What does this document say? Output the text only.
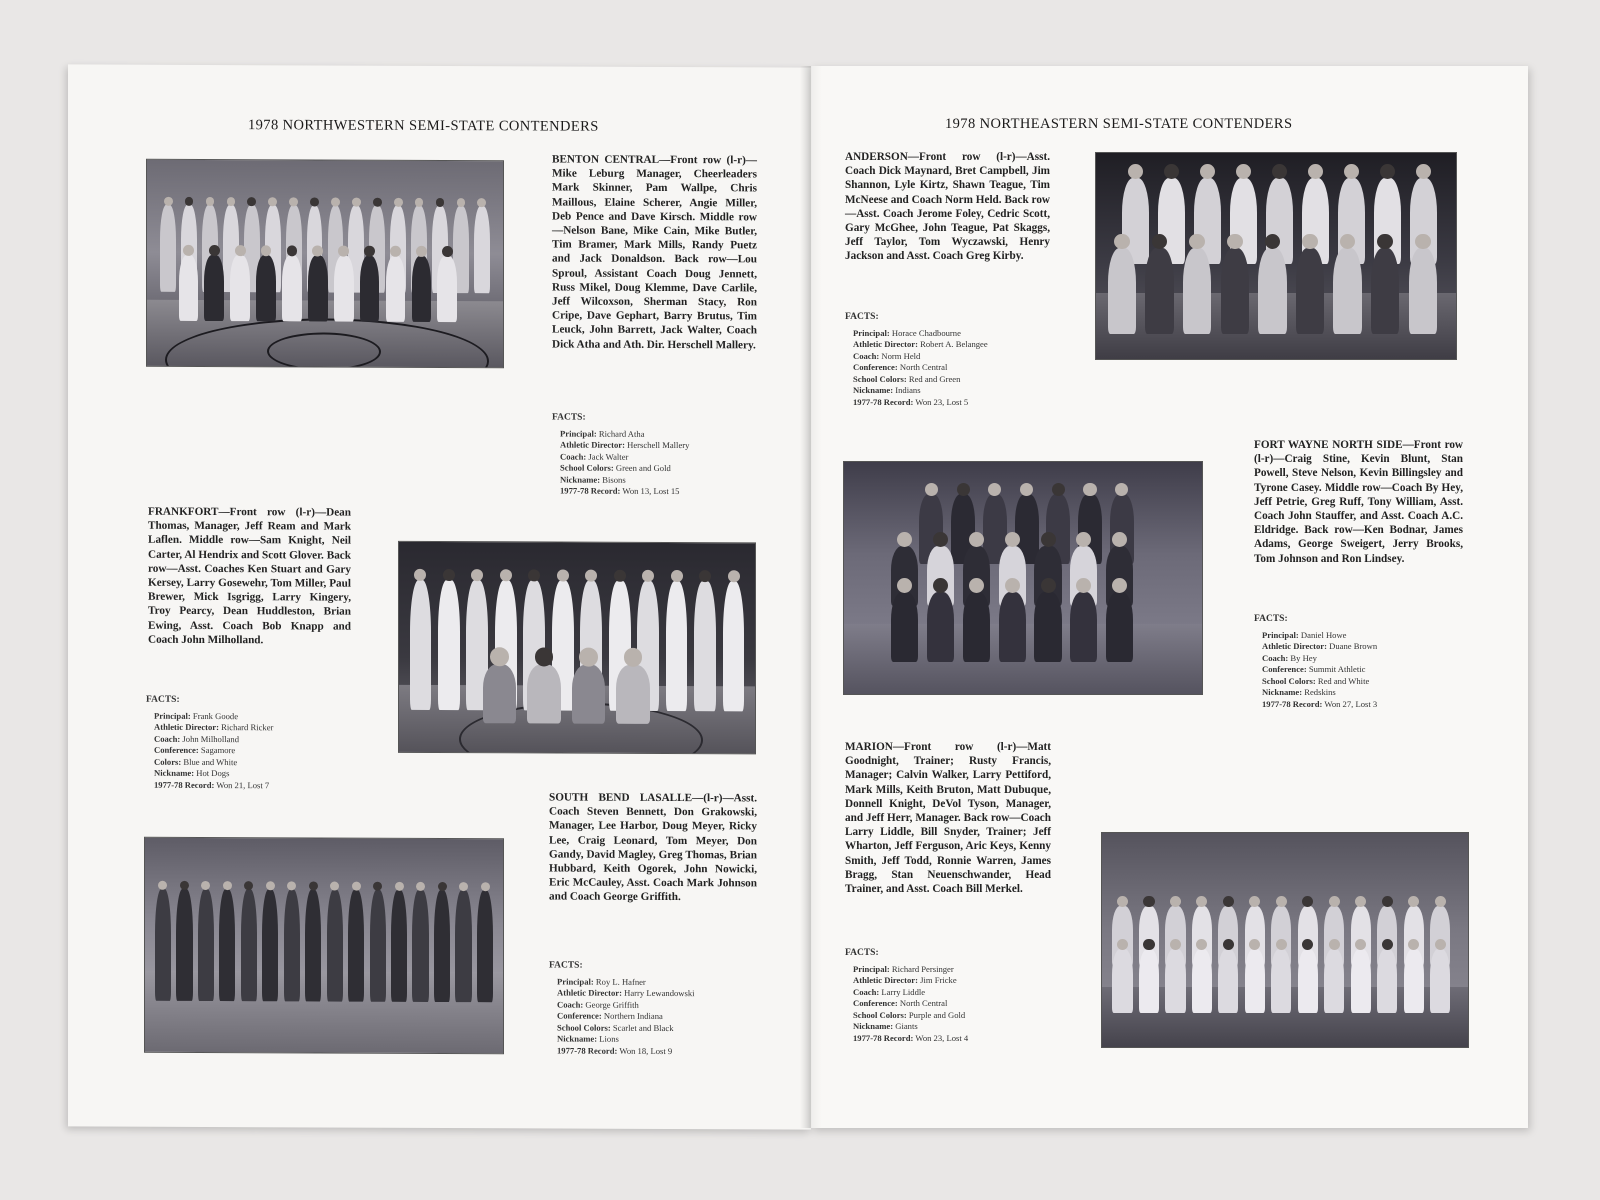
1978 NORTHWESTERN SEMI-STATE CONTENDERS
BENTON CENTRAL—Front row (l-r)—Mike Leburg Manager, Cheerleaders Mark Skinner, Pam Wallpe, Chris Maillous, Elaine Scherer, Angie Miller, Deb Pence and Dave Kirsch. Middle row—Nelson Bane, Mike Cain, Mike Butler, Tim Bramer, Mark Mills, Randy Puetz and Jack Donaldson. Back row—Lou Sproul, Assistant Coach Doug Jennett, Russ Mikel, Doug Klemme, Dave Carlile, Jeff Wilcoxson, Sherman Stacy, Ron Cripe, Dave Gephart, Barry Brutus, Tim Leuck, John Barrett, Jack Walter, Coach Dick Atha and Ath. Dir. Herschell Mallery.
FACTS:
Principal: Richard Atha
Athletic Director: Herschell Mallery
Coach: Jack Walter
School Colors: Green and Gold
Nickname: Bisons
1977-78 Record: Won 13, Lost 15
FRANKFORT—Front row (l-r)—Dean Thomas, Manager, Jeff Ream and Mark Laflen. Middle row—Sam Knight, Neil Carter, Al Hendrix and Scott Glover. Back row—Asst. Coaches Ken Stuart and Gary Kersey, Larry Gosewehr, Tom Miller, Paul Brewer, Mick Isgrigg, Larry Kingery, Troy Pearcy, Dean Huddleston, Brian Ewing, Asst. Coach Bob Knapp and Coach John Milholland.
FACTS:
Principal: Frank Goode
Athletic Director: Richard Ricker
Coach: John Milholland
Conference: Sagamore
Colors: Blue and White
Nickname: Hot Dogs
1977-78 Record: Won 21, Lost 7
SOUTH BEND LASALLE—(l-r)—Asst. Coach Steven Bennett, Don Grakowski, Manager, Lee Harbor, Doug Meyer, Ricky Lee, Craig Leonard, Tom Meyer, Don Gandy, David Magley, Greg Thomas, Brian Hubbard, Keith Ogorek, John Nowicki, Eric McCauley, Asst. Coach Mark Johnson and Coach George Griffith.
FACTS:
Principal: Roy L. Hafner
Athletic Director: Harry Lewandowski
Coach: George Griffith
Conference: Northern Indiana
School Colors: Scarlet and Black
Nickname: Lions
1977-78 Record: Won 18, Lost 9
1978 NORTHEASTERN SEMI-STATE CONTENDERS
ANDERSON—Front row (l-r)—Asst. Coach Dick Maynard, Bret Campbell, Jim Shannon, Lyle Kirtz, Shawn Teague, Tim McNeese and Coach Norm Held. Back row—Asst. Coach Jerome Foley, Cedric Scott, Gary McGhee, John Teague, Pat Skaggs, Jeff Taylor, Tom Wyczawski, Henry Jackson and Asst. Coach Greg Kirby.
FACTS:
Principal: Horace Chadbourne
Athletic Director: Robert A. Belangee
Coach: Norm Held
Conference: North Central
School Colors: Red and Green
Nickname: Indians
1977-78 Record: Won 23, Lost 5
FORT WAYNE NORTH SIDE—Front row (l-r)—Craig Stine, Kevin Blunt, Stan Powell, Steve Nelson, Kevin Billingsley and Tyrone Casey. Middle row—Coach By Hey, Jeff Petrie, Greg Ruff, Tony William, Asst. Coach John Stauffer, and Asst. Coach A.C. Eldridge. Back row—Ken Bodnar, James Adams, George Sweigert, Jerry Brooks, Tom Johnson and Ron Lindsey.
FACTS:
Principal: Daniel Howe
Athletic Director: Duane Brown
Coach: By Hey
Conference: Summit Athletic
School Colors: Red and White
Nickname: Redskins
1977-78 Record: Won 27, Lost 3
MARION—Front row (l-r)—Matt Goodnight, Trainer; Rusty Francis, Manager; Calvin Walker, Larry Pettiford, Mark Mills, Keith Bruton, Matt Dubuque, Donnell Knight, DeVol Tyson, Manager, and Jeff Herr, Manager. Back row—Coach Larry Liddle, Bill Snyder, Trainer; Jeff Wharton, Jeff Ferguson, Aric Keys, Kenny Smith, Jeff Todd, Ronnie Warren, James Bragg, Stan Neuenschwander, Head Trainer, and Asst. Coach Bill Merkel.
FACTS:
Principal: Richard Persinger
Athletic Director: Jim Fricke
Coach: Larry Liddle
Conference: North Central
School Colors: Purple and Gold
Nickname: Giants
1977-78 Record: Won 23, Lost 4
